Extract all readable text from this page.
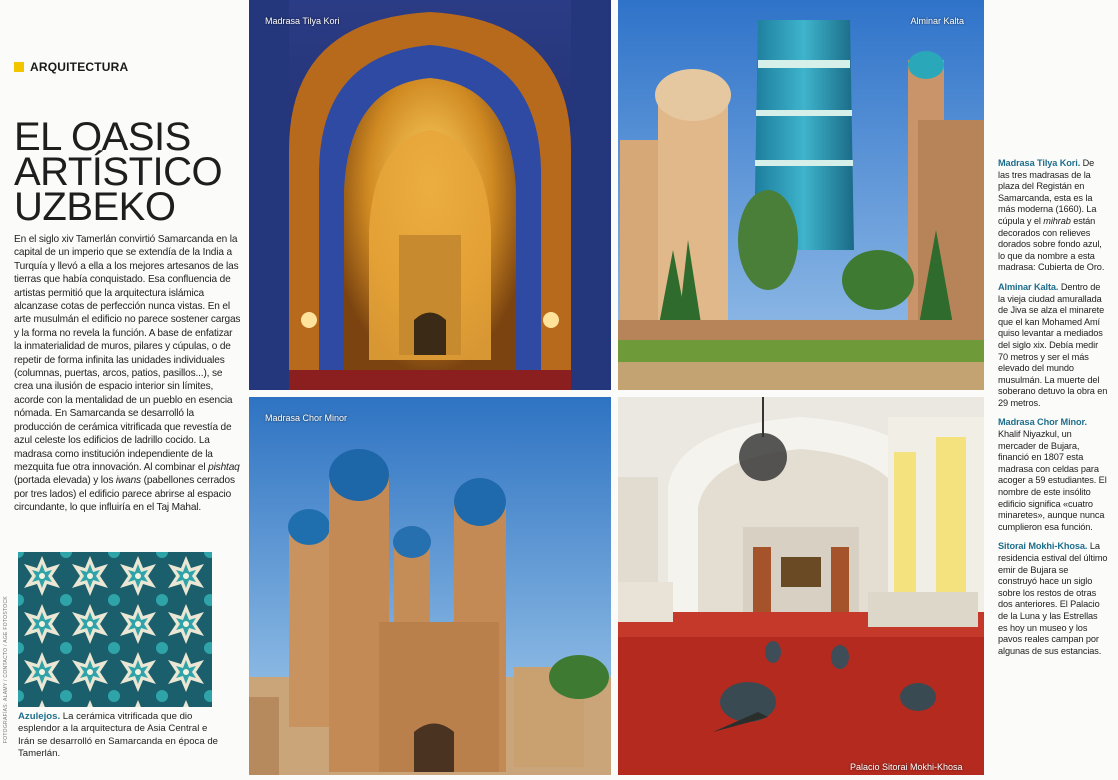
ARQUITECTURA
EL OASIS
ARTÍSTICO
UZBEKO

En el siglo xiv Tamerlán convirtió Samarcanda en la capital de un imperio que se extendía de la India a Turquía y llevó a ella a los mejores artesanos de las tierras que había conquistado. Esa confluencia de artistas permitió que la arquitectura islámica alcanzase cotas de perfección nunca vistas. En el arte musulmán el edificio no parece sostener cargas y la forma no revela la función. A base de enfatizar la inmaterialidad de muros, pilares y cúpulas, o de repetir de forma infinita las unidades individuales (columnas, puertas, arcos, patios, pasillos...), se crea una ilusión de espacio interior sin límites, acorde con la mentalidad de un pueblo en esencia nómada. En Samarcanda se desarrolló la producción de cerámica vitrificada que revestía de azul celeste los edificios de ladrillo cocido. La madrasa como institución independiente de la mezquita fue otra innovación. Al combinar el pishtaq (portada elevada) y los iwans (pabellones cerrados por tres lados) el edificio parece abrirse al espacio circundante, lo que influiría en el Taj Mahal.

FOTOGRAFÍAS: ALAMY / CONTACTO / AGE FOTOSTOCK Azulejos. La cerámica vitrificada que dio esplendor a la arquitectura de Asia Central e Irán se desarrolló en Samarcanda en época de Tamerlán.

Madrasa Tilya Kori	Alminar Kalta
Madrasa Chor Minor
Palacio Sitorai Mokhi-Khosa

Madrasa Tilya Kori. De las tres madrasas de la plaza del Registán en Samarcanda, esta es la más moderna (1660). La cúpula y el mihrab están decorados con relieves dorados sobre fondo azul, lo que da nombre a esta madrasa: Cubierta de Oro.

Alminar Kalta. Dentro de la vieja ciudad amurallada de Jiva se alza el minarete que el kan Mohamed Amí quiso levantar a mediados del siglo xix. Debía medir 70 metros y ser el más elevado del mundo musulmán. La muerte del soberano detuvo la obra en 29 metros.

Madrasa Chor Minor. Khalif Niyazkul, un mercader de Bujara, financió en 1807 esta madrasa con celdas para acoger a 59 estudiantes. El nombre de este insólito edificio significa «cuatro minaretes», aunque nunca cumplieron esa función.

Sitorai Mokhi-Khosa. La residencia estival del último emir de Bujara se construyó hace un siglo sobre los restos de otras dos anteriores. El Palacio de la Luna y las Estrellas es hoy un museo y los pavos reales campan por algunas de sus estancias.
